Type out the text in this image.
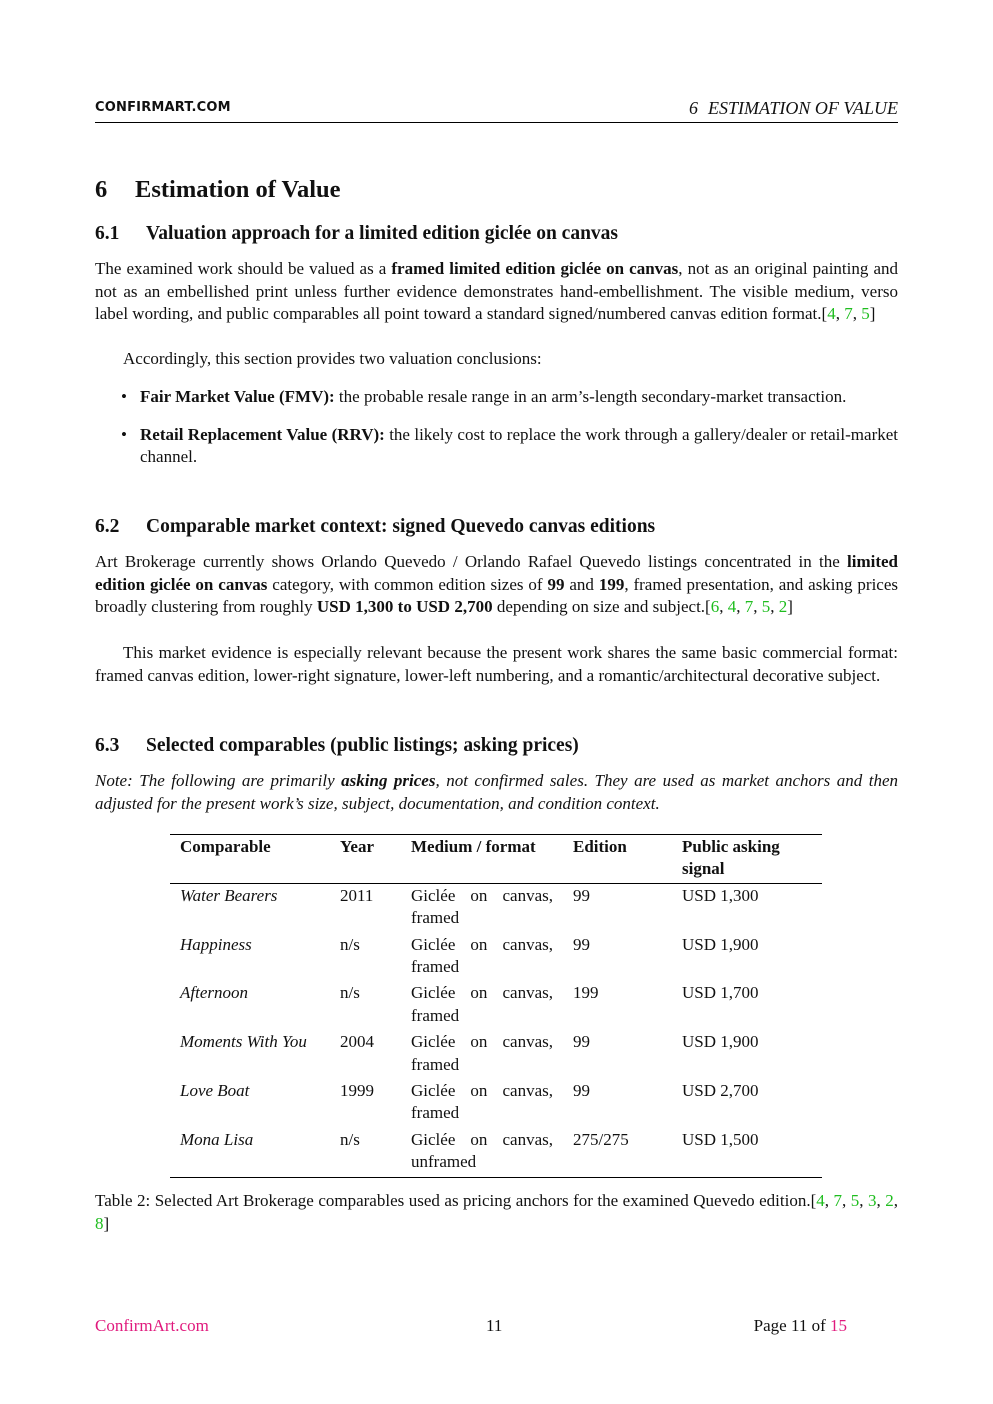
CONFIRMART.COM	6 ESTIMATION OF VALUE
6 Estimation of Value
6.1 Valuation approach for a limited edition giclée on canvas

The examined work should be valued as a framed limited edition giclée on canvas, not as an original painting and not as an embellished print unless further evidence demonstrates hand-embellishment. The visible medium, verso label wording, and public comparables all point toward a standard signed/numbered canvas edition format.[4, 7, 5]

Accordingly, this section provides two valuation conclusions:

• Fair Market Value (FMV): the probable resale range in an arm’s-length secondary-market transaction.
• Retail Replacement Value (RRV): the likely cost to replace the work through a gallery/dealer or retail-market channel.
6.2 Comparable market context: signed Quevedo canvas editions

Art Brokerage currently shows Orlando Quevedo / Orlando Rafael Quevedo listings concentrated in the limited edition giclée on canvas category, with common edition sizes of 99 and 199, framed presentation, and asking prices broadly clustering from roughly USD 1,300 to USD 2,700 depending on size and subject.[6, 4, 7, 5, 2]

This market evidence is especially relevant because the present work shares the same basic commercial format: framed canvas edition, lower-right signature, lower-left numbering, and a romantic/architectural decorative subject.

6.3 Selected comparables (public listings; asking prices)

Note: The following are primarily asking prices, not confirmed sales. They are used as market anchors and then adjusted for the present work’s size, subject, documentation, and condition context.

Comparable	Year	Medium / format	Edition	Public asking signal
Water Bearers	2011	Giclée on canvas, framed	99	USD 1,300
Happiness	n/s	Giclée on canvas, framed	99	USD 1,900
Afternoon	n/s	Giclée on canvas, framed	199	USD 1,700
Moments With You	2004	Giclée on canvas, framed	99	USD 1,900
Love Boat	1999	Giclée on canvas, framed	99	USD 2,700
Mona Lisa	n/s	Giclée on canvas, unframed	275/275	USD 1,500

Table 2: Selected Art Brokerage comparables used as pricing anchors for the examined Quevedo edition.[4, 7, 5, 3, 2, 8]

ConfirmArt.com	11	Page 11 of 15
